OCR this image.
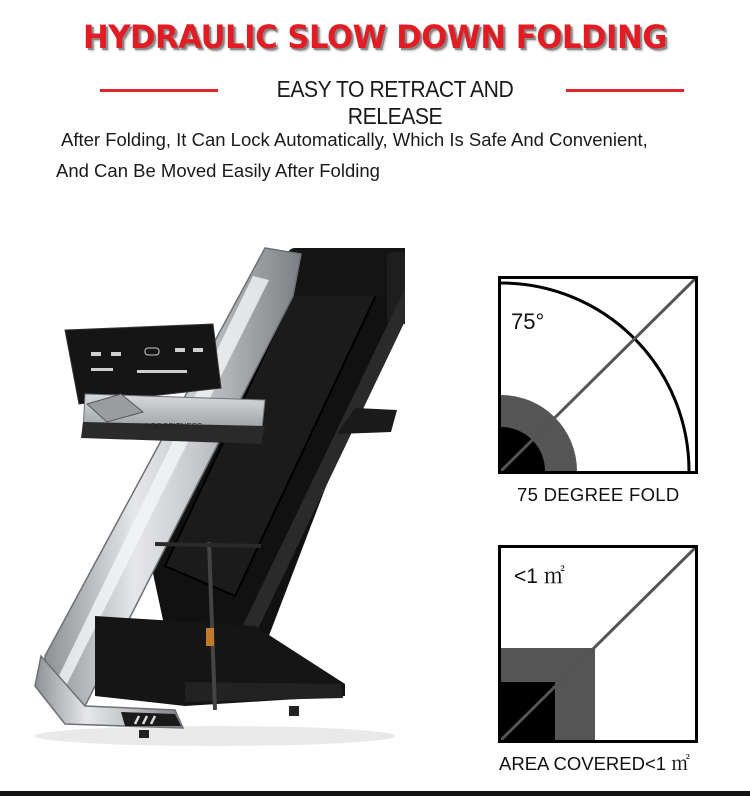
HYDRAULIC SLOW DOWN FOLDING
EASY TO RETRACT AND RELEASE

After Folding, It Can Lock Automatically, Which Is Safe And Convenient,

And Can Be Moved Easily After Folding

LOGOFITNESS
75°
75 DEGREE FOLD
<1 ㎡
AREA COVERED<1 ㎡
